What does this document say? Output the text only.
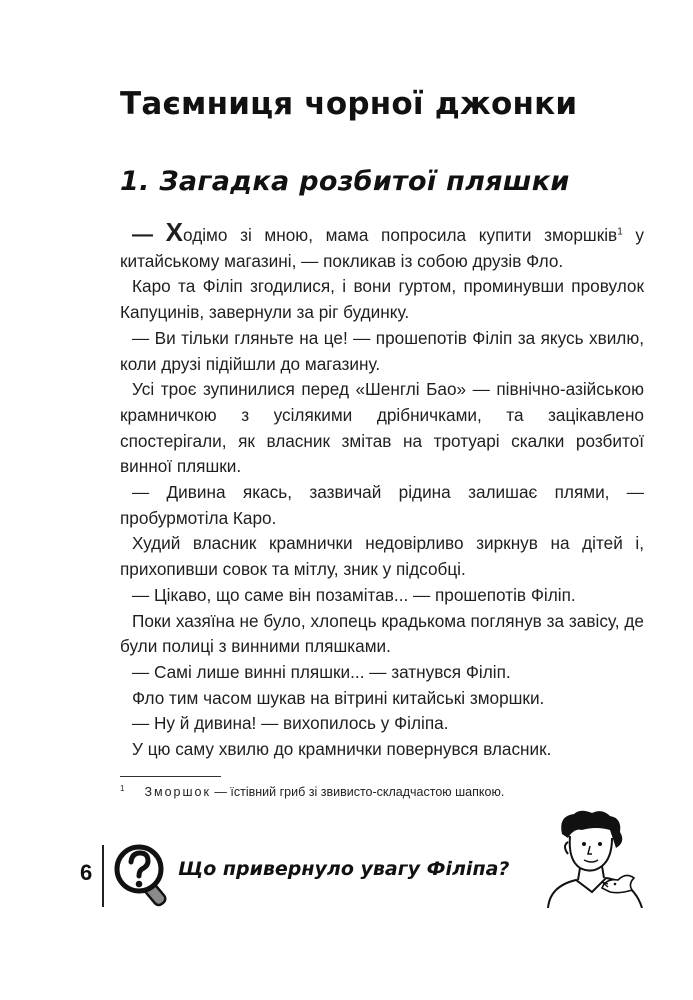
Таємниця чорної джонки
1. Загадка розбитої пляшки

— Ходімо зі мною, мама попросила купити зморшків$^1$ у китайському магазині, — покликав із собою друзів Фло.

Каро та Філіп згодилися, і вони гуртом, проминувши провулок Капуцинів, завернули за ріг будинку.

— Ви тільки гляньте на це! — прошепотів Філіп за якусь хвилю, коли друзі підійшли до магазину.

Усі троє зупинилися перед «Шенглі Бао» — північно-азійською крамничкою з усілякими дрібничками, та зацікавлено спостерігали, як власник змітав на тротуарі скалки розбитої винної пляшки.

— Дивина якась, зазвичай рідина залишає плями, — пробурмотіла Каро.

Худий власник крамнички недовірливо зиркнув на дітей і, прихопивши совок та мітлу, зник у підсобці.

— Цікаво, що саме він позамітав... — прошепотів Філіп.

Поки хазяїна не було, хлопець крадькома поглянув за завісу, де були полиці з винними пляшками.

— Самі лише винні пляшки... — затнувся Філіп.

Фло тим часом шукав на вітрині китайські зморшки.

— Ну й дивина! — вихопилось у Філіпа.

У цю саму хвилю до крамнички повернувся власник.

$^1$ Зморшок — їстівний гриб зі звивисто-складчастою шапкою.
6	Що привернуло увагу Філіпа?
